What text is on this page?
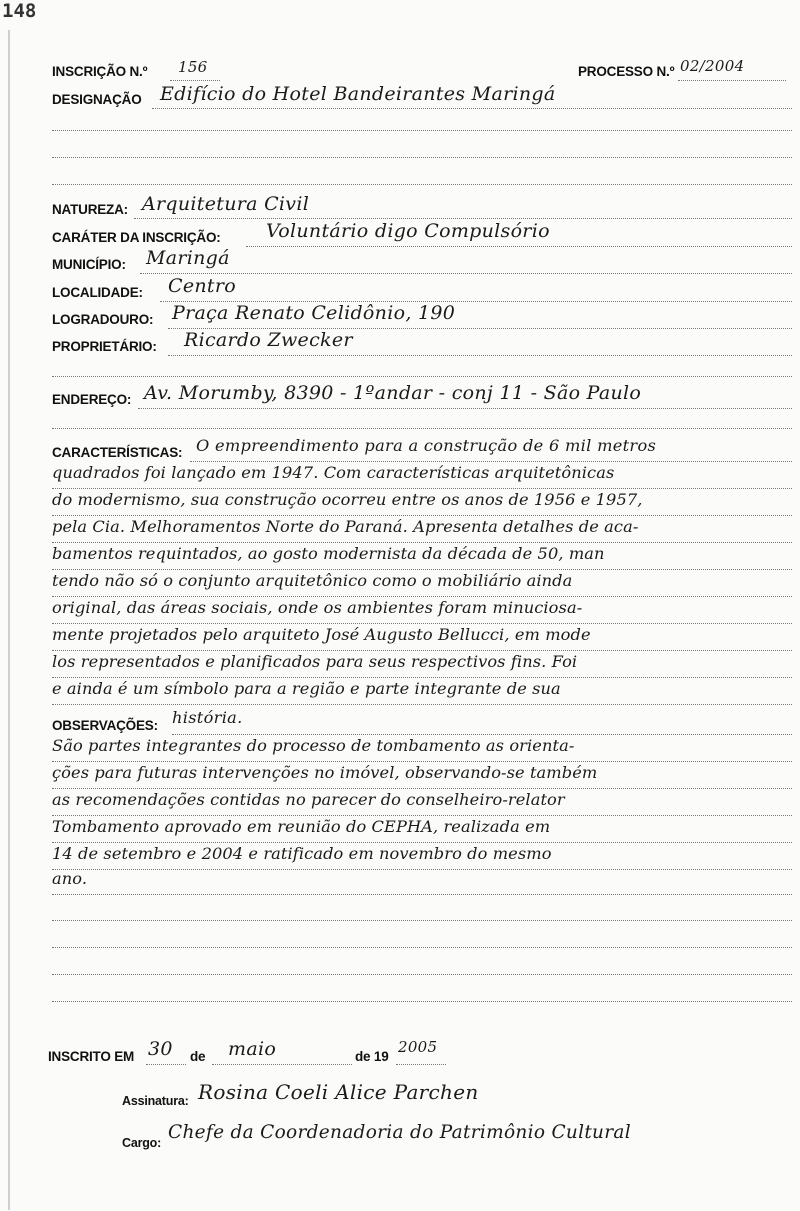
148
INSCRIÇÃO N.º 156	PROCESSO N.º 02/2004
DESIGNAÇÃO Edifício do Hotel Bandeirantes Maringá
NATUREZA: Arquitetura Civil
CARÁTER DA INSCRIÇÃO: Voluntário digo Compulsório
MUNICÍPIO: Maringá
LOCALIDADE: Centro
LOGRADOURO: Praça Renato Celidônio, 190
PROPRIETÁRIO: Ricardo Zwecker
ENDEREÇO: Av. Morumby, 8390 - 1ºandar - conj 11 - São Paulo
CARACTERÍSTICAS: O empreendimento para a construção de 6 mil metros
quadrados foi lançado em 1947. Com características arquitetônicas
do modernismo, sua construção ocorreu entre os anos de 1956 e 1957,
pela Cia. Melhoramentos Norte do Paraná. Apresenta detalhes de aca-
bamentos requintados, ao gosto modernista da década de 50, man
tendo não só o conjunto arquitetônico como o mobiliário ainda
original, das áreas sociais, onde os ambientes foram minuciosa-
mente projetados pelo arquiteto José Augusto Bellucci, em mode
los representados e planificados para seus respectivos fins. Foi
e ainda é um símbolo para a região e parte integrante de sua
OBSERVAÇÕES: história.
São partes integrantes do processo de tombamento as orienta-
ções para futuras intervenções no imóvel, observando-se também
as recomendações contidas no parecer do conselheiro-relator
Tombamento aprovado em reunião do CEPHA, realizada em
14 de setembro e 2004 e ratificado em novembro do mesmo
ano.
INSCRITO EM 30 de maio	de 19
2005
Assinatura: Rosina Coeli Alice Parchen
Cargo: Chefe da Coordenadoria do Patrimônio Cultural
